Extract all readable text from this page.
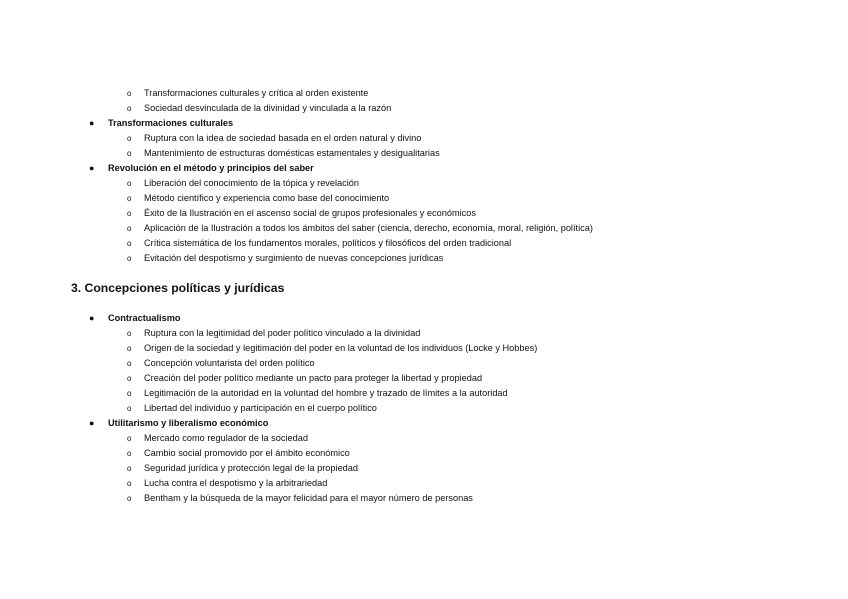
o Transformaciones culturales y crítica al orden existente
o Sociedad desvinculada de la divinidad y vinculada a la razón
● Transformaciones culturales
o Ruptura con la idea de sociedad basada en el orden natural y divino
o Mantenimiento de estructuras domésticas estamentales y desigualitarias
● Revolución en el método y principios del saber
o Liberación del conocimiento de la tópica y revelación
o Método científico y experiencia como base del conocimiento
o Éxito de la Ilustración en el ascenso social de grupos profesionales y económicos
o Aplicación de la Ilustración a todos los ámbitos del saber (ciencia, derecho, economía, moral, religión, política)
o Crítica sistemática de los fundamentos morales, políticos y filosóficos del orden tradicional
o Evitación del despotismo y surgimiento de nuevas concepciones jurídicas
3. Concepciones políticas y jurídicas
● Contractualismo
o Ruptura con la legitimidad del poder político vinculado a la divinidad
o Origen de la sociedad y legitimación del poder en la voluntad de los individuos (Locke y Hobbes)
o Concepción voluntarista del orden político
o Creación del poder político mediante un pacto para proteger la libertad y propiedad
o Legitimación de la autoridad en la voluntad del hombre y trazado de límites a la autoridad
o Libertad del individuo y participación en el cuerpo político
● Utilitarismo y liberalismo económico
o Mercado como regulador de la sociedad
o Cambio social promovido por el ámbito económico
o Seguridad jurídica y protección legal de la propiedad
o Lucha contra el despotismo y la arbitrariedad
o Bentham y la búsqueda de la mayor felicidad para el mayor número de personas
